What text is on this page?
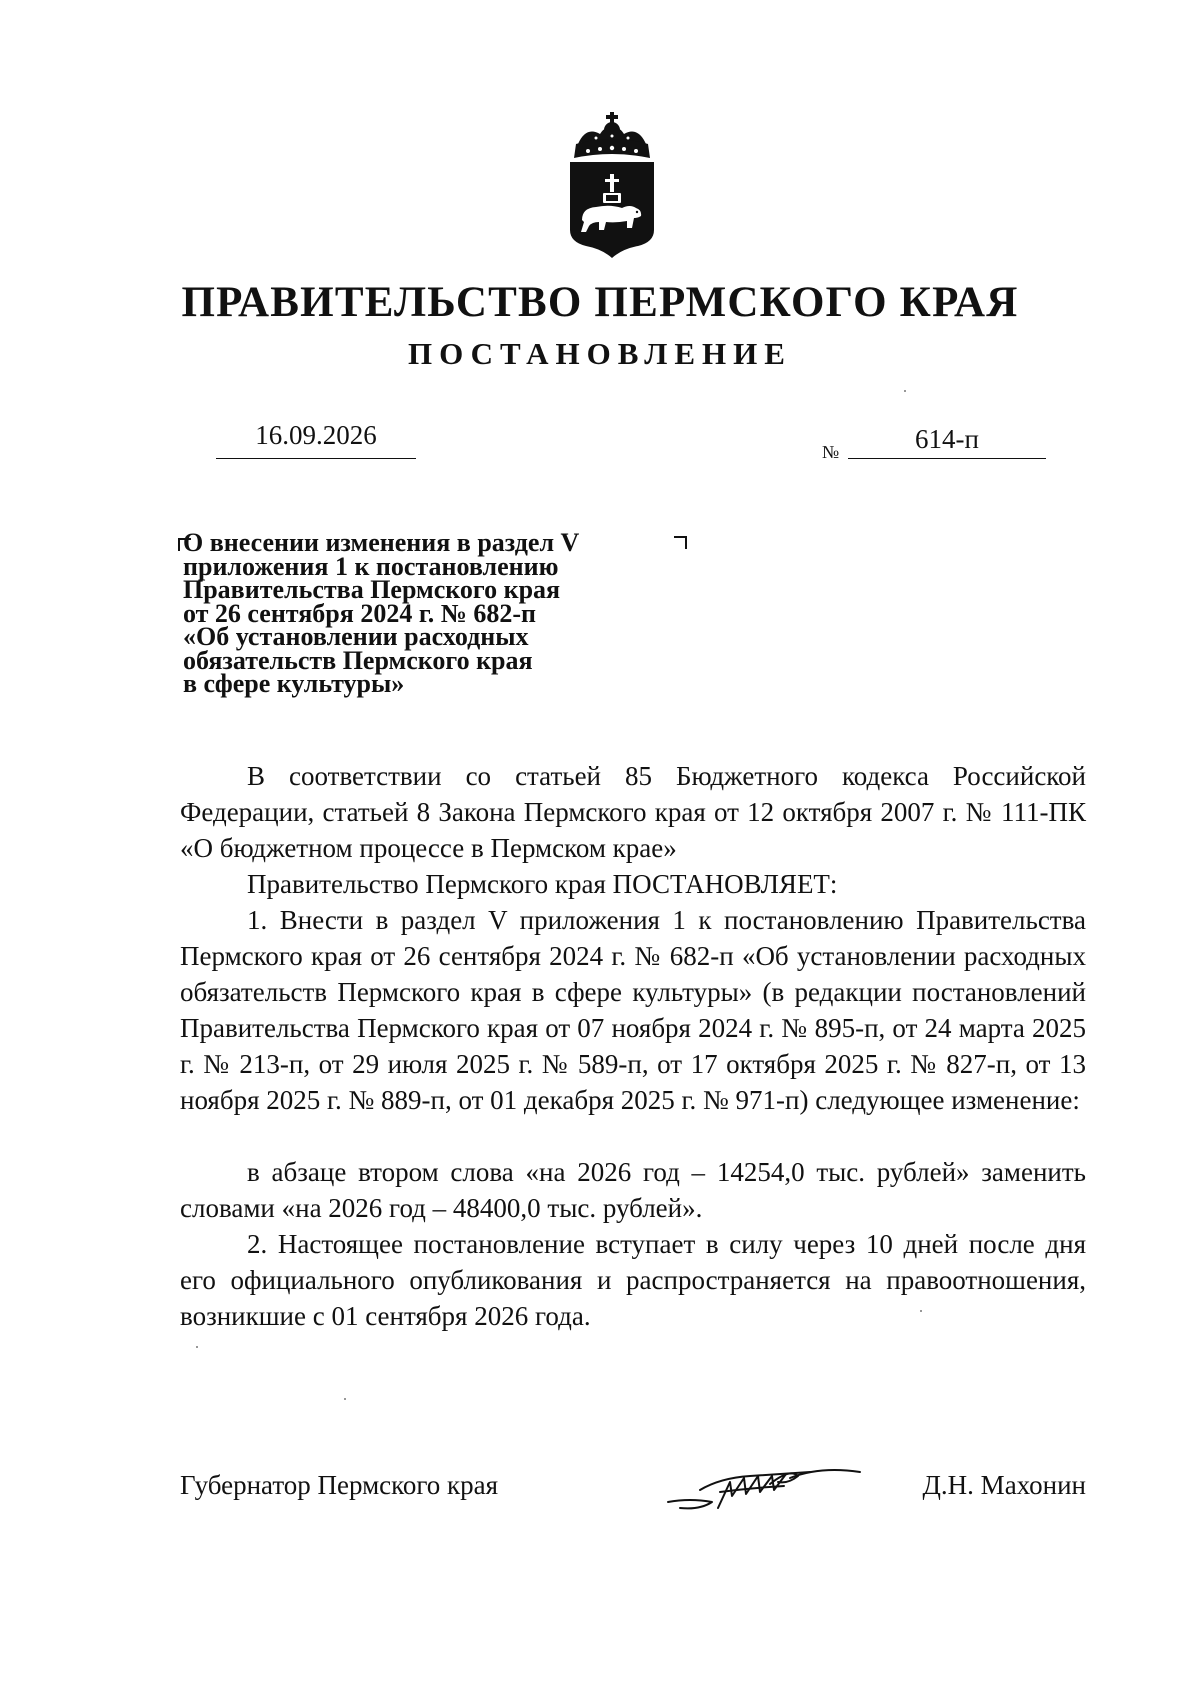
ПРАВИТЕЛЬСТВО ПЕРМСКОГО КРАЯ
ПОСТАНОВЛЕНИЕ
16.09.2026
№	614-п
О внесении изменения в раздел V
приложения 1 к постановлению
Правительства Пермского края
от 26 сентября 2024 г. № 682-п
«Об установлении расходных
обязательств Пермского края
в сфере культуры»
В соответствии со статьей 85 Бюджетного кодекса Российской Федерации, статьей 8 Закона Пермского края от 12 октября 2007 г. № 111-ПК «О бюджетном процессе в Пермском крае»
Правительство Пермского края ПОСТАНОВЛЯЕТ:
1. Внести в раздел V приложения 1 к постановлению Правительства Пермского края от 26 сентября 2024 г. № 682-п «Об установлении расходных обязательств Пермского края в сфере культуры» (в редакции постановлений Правительства Пермского края от 07 ноября 2024 г. № 895-п, от 24 марта 2025 г. № 213-п, от 29 июля 2025 г. № 589-п, от 17 октября 2025 г. № 827-п, от 13 ноября 2025 г. № 889-п, от 01 декабря 2025 г. № 971-п) следующее изменение:
в абзаце втором слова «на 2026 год – 14254,0 тыс. рублей» заменить словами «на 2026 год – 48400,0 тыс. рублей».
2. Настоящее постановление вступает в силу через 10 дней после дня его официального опубликования и распространяется на правоотношения, возникшие с 01 сентября 2026 года.
Губернатор Пермского края	Д.Н. Махонин
